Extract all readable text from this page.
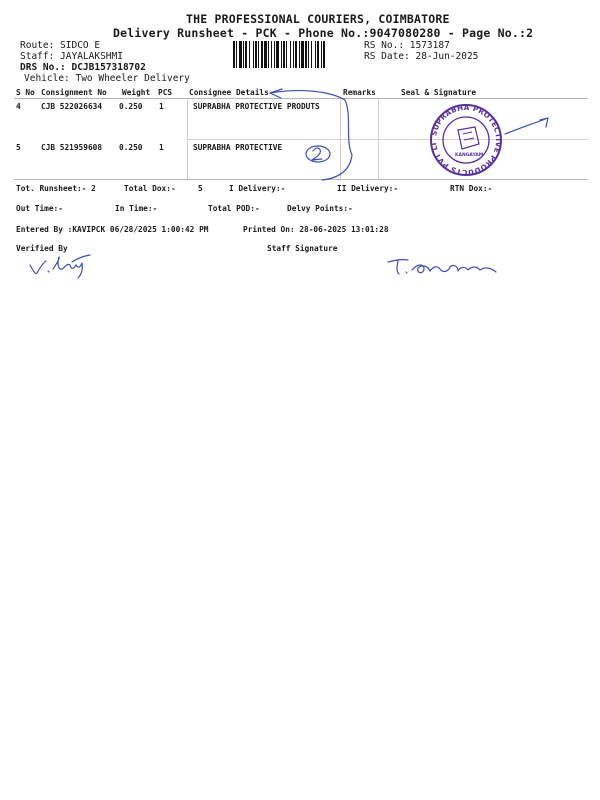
THE PROFESSIONAL COURIERS, COIMBATORE
Delivery Runsheet - PCK - Phone No.:9047080280 - Page No.:2
Route: SIDCO E
Staff: JAYALAKSHMI
DRS No.: DCJB157318702
Vehicle: Two Wheeler Delivery
RS No.: 1573187
RS Date: 28-Jun-2025
S No Consignment No Weight PCS Consignee Details	Remarks	Seal & Signature
4	CJB 522026634 0.250 1	SUPRABHA PROTECTIVE PRODUTS
5	CJB 521959608 0.250 1	SUPRABHA PROTECTIVE
Tot. Runsheet:- 2	Total Dox:-	5	I Delivery:-	II Delivery:-	RTN Dox:-
Out Time:-	In Time:-	Total POD:-	Delvy Points:-
Entered By :KAVIPCK 06/28/2025 1:00:42 PM	Printed On: 28-06-2025 13:01:28
Verified By	Staff Signature
SUPRABHA PROTECTIVE PRODUCTS PVT LTD
KANGAYAM
